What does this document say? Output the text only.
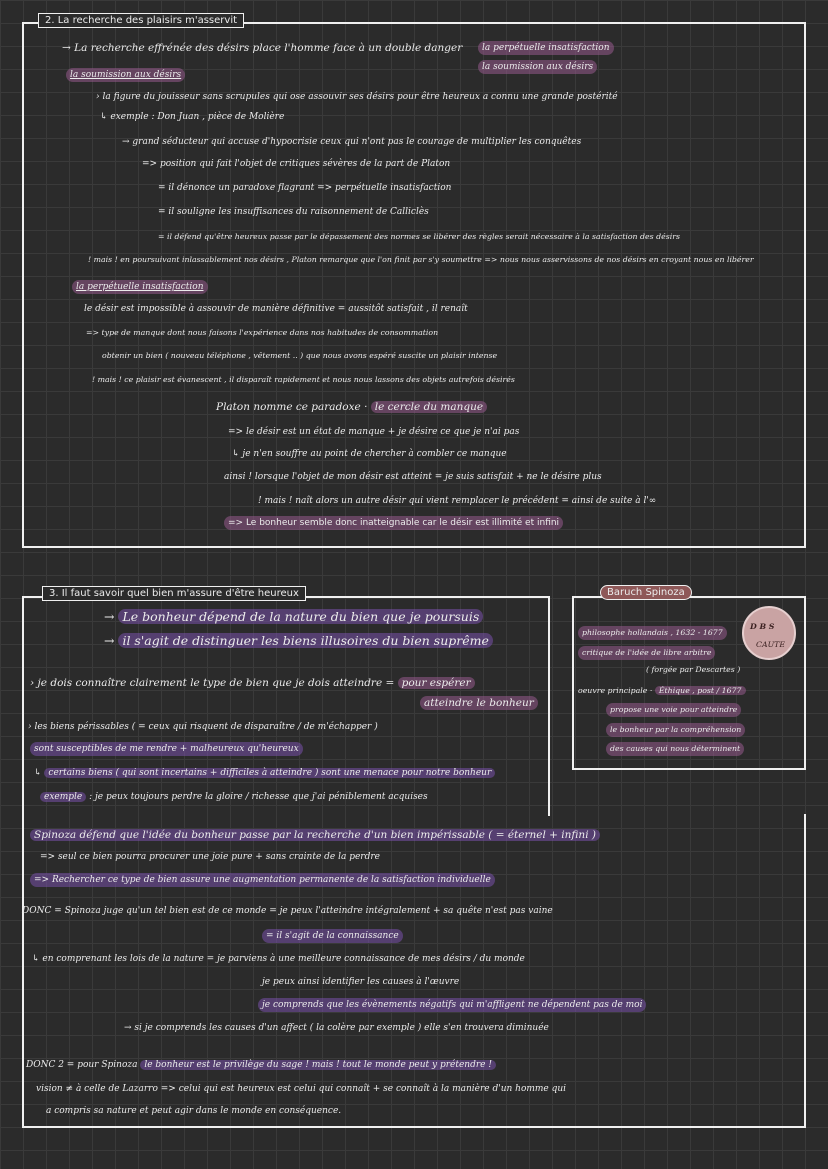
2. La recherche des plaisirs m'asservit
→ La recherche effrénée des désirs place l'homme face à un double danger	la perpétuelle insatisfaction
la soumission aux désirs
la soumission aux désirs
› la figure du jouisseur sans scrupules qui ose assouvir ses désirs pour être heureux a connu une grande postérité
↳ exemple : Don Juan , pièce de Molière
→ grand séducteur qui accuse d'hypocrisie ceux qui n'ont pas le courage de multiplier les conquêtes
=> position qui fait l'objet de critiques sévères de la part de Platon
= il dénonce un paradoxe flagrant => perpétuelle insatisfaction
= il souligne les insuffisances du raisonnement de Calliclès
= il défend qu'être heureux passe par le dépassement des normes se libérer des règles serait nécessaire à la satisfaction des désirs
! mais ! en poursuivant inlassablement nos désirs , Platon remarque que l'on finit par s'y soumettre => nous nous asservissons de nos désirs en croyant nous en libérer
la perpétuelle insatisfaction
le désir est impossible à assouvir de manière définitive = aussitôt satisfait , il renaît
=> type de manque dont nous faisons l'expérience dans nos habitudes de consommation
obtenir un bien ( nouveau téléphone , vêtement .. ) que nous avons espéré suscite un plaisir intense
! mais ! ce plaisir est évanescent , il disparaît rapidement et nous nous lassons des objets autrefois désirés
Platon nomme ce paradoxe · le cercle du manque
=> le désir est un état de manque + je désire ce que je n'ai pas
↳ je n'en souffre au point de chercher à combler ce manque
ainsi ! lorsque l'objet de mon désir est atteint = je suis satisfait + ne le désire plus
! mais ! naît alors un autre désir qui vient remplacer le précédent = ainsi de suite à l'∞
=> Le bonheur semble donc inatteignable car le désir est illimité et infini
3. Il faut savoir quel bien m'assure d'être heureux
→ Le bonheur dépend de la nature du bien que je poursuis
→ il s'agit de distinguer les biens illusoires du bien suprême
› je dois connaître clairement le type de bien que je dois atteindre = pour espérer
atteindre le bonheur
› les biens périssables ( = ceux qui risquent de disparaître / de m'échapper )
sont susceptibles de me rendre + malheureux qu'heureux
↳ certains biens ( qui sont incertains + difficiles à atteindre ) sont une menace pour notre bonheur
exemple : je peux toujours perdre la gloire / richesse que j'ai péniblement acquises
Spinoza défend que l'idée du bonheur passe par la recherche d'un bien impérissable ( = éternel + infini )
=> seul ce bien pourra procurer une joie pure + sans crainte de la perdre
=> Rechercher ce type de bien assure une augmentation permanente de la satisfaction individuelle
DONC = Spinoza juge qu'un tel bien est de ce monde = je peux l'atteindre intégralement + sa quête n'est pas vaine
= il s'agit de la connaissance
↳ en comprenant les lois de la nature = je parviens à une meilleure connaissance de mes désirs / du monde
je peux ainsi identifier les causes à l'œuvre
je comprends que les évènements négatifs qui m'affligent ne dépendent pas de moi
→ si je comprends les causes d'un affect ( la colère par exemple ) elle s'en trouvera diminuée
DONC 2 = pour Spinoza le bonheur est le privilège du sage ! mais ! tout le monde peut y prétendre !
vision ≠ à celle de Lazarro => celui qui est heureux est celui qui connaît + se connaît à la manière d'un homme qui
a compris sa nature et peut agir dans le monde en conséquence.
Baruch Spinoza
D B S
CAUTE
philosophe hollandais , 1632 - 1677
critique de l'idée de libre arbitre
( forgée par Descartes )
oeuvre principale · Éthique , post / 1677
propose une voie pour atteindre
le bonheur par la compréhension
des causes qui nous déterminent
